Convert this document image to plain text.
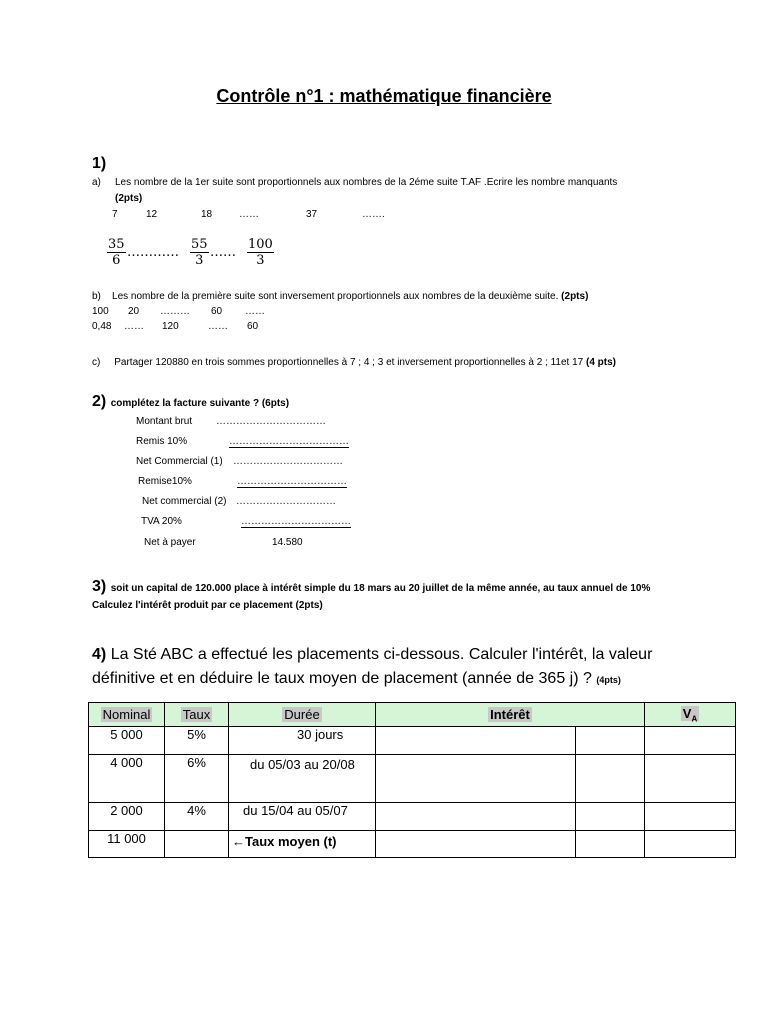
Contrôle n°1 : mathématique financière
1)
a) Les nombre de la 1er suite sont proportionnels aux nombres de la 2éme suite T.AF .Ecrire les nombre manquants
(2pts)
7	12	18	……	37	…….
$\frac{35}{6}$ ………… $\frac{55}{3}$ …… $\frac{100}{3}$
b) Les nombre de la première suite sont inversement proportionnels aux nombres de la deuxième suite. (2pts)
100 20 ……… 60 ……
0,48 …… 120	…… 60
c) Partager 120880 en trois sommes proportionnelles à 7 ; 4 ; 3 et inversement proportionnelles à 2 ; 11et 17 (4 pts)
2) complétez la facture suivante ? (6pts)
Montant brut ……………………………
Remis 10%	………………………………
Net Commercial (1) ……………………………
Remise10%	……………………………
Net commercial (2) …………………………
TVA 20%	……………………………
Net à payer	14.580
3) soit un capital de 120.000 place à intérêt simple du 18 mars au 20 juillet de la même année, au taux annuel de 10%
Calculez l'intérêt produit par ce placement (2pts)
4) La Sté ABC a effectué les placements ci-dessous. Calculer l'intérêt, la valeur définitive et en déduire le taux moyen de placement (année de 365 j) ? (4pts)
Nominal	Taux	Durée	Intérêt		$V_A$
5 000	5%	30 jours			
4 000	6%	du 05/03 au 20/08			
2 000	4%	du 15/04 au 05/07			
11 000		←Taux moyen (t)			
